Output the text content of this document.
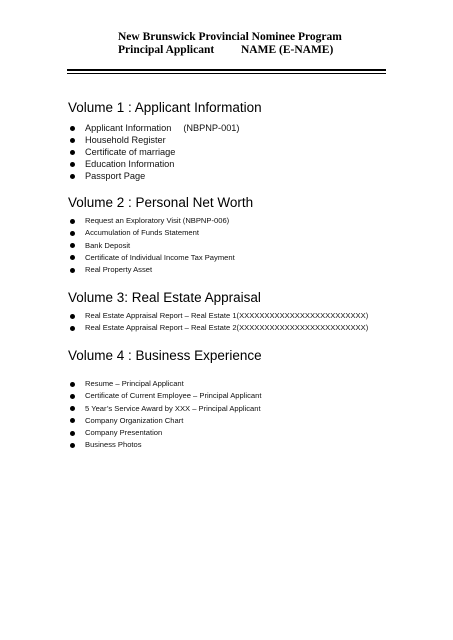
New Brunswick Provincial Nominee Program
Principal Applicant NAME (E-NAME)
Volume 1 : Applicant Information
Applicant Information (NBPNP-001)
Household Register
Certificate of marriage
Education Information
Passport Page
Volume 2 : Personal Net Worth
Request an Exploratory Visit (NBPNP-006)
Accumulation of Funds Statement
Bank Deposit
Certificate of Individual Income Tax Payment
Real Property Asset
Volume 3: Real Estate Appraisal
Real Estate Appraisal Report – Real Estate 1(XXXXXXXXXXXXXXXXXXXXXXXXX)
Real Estate Appraisal Report – Real Estate 2(XXXXXXXXXXXXXXXXXXXXXXXXX)
Volume 4 : Business Experience
Resume – Principal Applicant
Certificate of Current Employee – Principal Applicant
5 Year’s Service Award by XXX – Principal Applicant
Company Organization Chart
Company Presentation
Business Photos
